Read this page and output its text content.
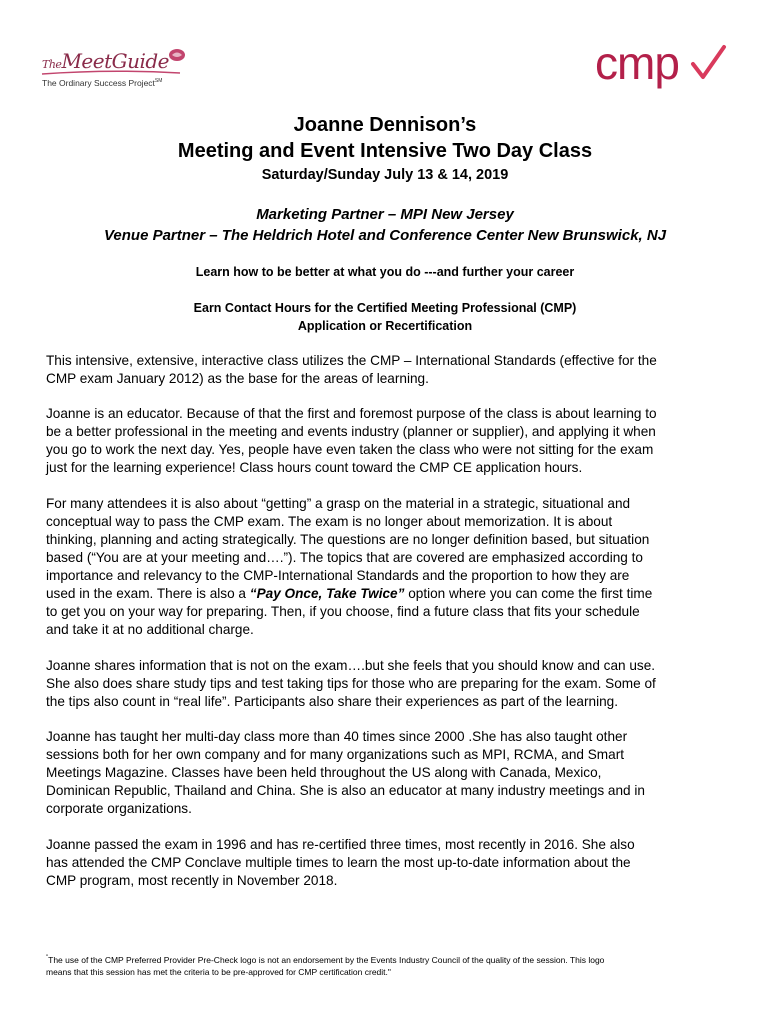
TheMeetGuide
The Ordinary Success Project℠	cmp
Joanne Dennison’s
Meeting and Event Intensive Two Day Class
Saturday/Sunday July 13 & 14, 2019
Marketing Partner – MPI New Jersey
Venue Partner – The Heldrich Hotel and Conference Center New Brunswick, NJ
Learn how to be better at what you do ---and further your career
Earn Contact Hours for the Certified Meeting Professional (CMP)
Application or Recertification
This intensive, extensive, interactive class utilizes the CMP – International Standards (effective for the
CMP exam January 2012) as the base for the areas of learning.
Joanne is an educator. Because of that the first and foremost purpose of the class is about learning to
be a better professional in the meeting and events industry (planner or supplier), and applying it when
you go to work the next day. Yes, people have even taken the class who were not sitting for the exam
just for the learning experience! Class hours count toward the CMP CE application hours.
For many attendees it is also about “getting” a grasp on the material in a strategic, situational and
conceptual way to pass the CMP exam. The exam is no longer about memorization. It is about
thinking, planning and acting strategically. The questions are no longer definition based, but situation
based (“You are at your meeting and….”). The topics that are covered are emphasized according to
importance and relevancy to the CMP-International Standards and the proportion to how they are
used in the exam. There is also a “Pay Once, Take Twice” option where you can come the first time
to get you on your way for preparing. Then, if you choose, find a future class that fits your schedule
and take it at no additional charge.
Joanne shares information that is not on the exam….but she feels that you should know and can use.
She also does share study tips and test taking tips for those who are preparing for the exam. Some of
the tips also count in “real life”. Participants also share their experiences as part of the learning.
Joanne has taught her multi-day class more than 40 times since 2000 .She has also taught other
sessions both for her own company and for many organizations such as MPI, RCMA, and Smart
Meetings Magazine. Classes have been held throughout the US along with Canada, Mexico,
Dominican Republic, Thailand and China. She is also an educator at many industry meetings and in
corporate organizations.
Joanne passed the exam in 1996 and has re-certified three times, most recently in 2016. She also
has attended the CMP Conclave multiple times to learn the most up-to-date information about the
CMP program, most recently in November 2018.
"The use of the CMP Preferred Provider Pre-Check logo is not an endorsement by the Events Industry Council of the quality of the session. This logo
means that this session has met the criteria to be pre-approved for CMP certification credit."
